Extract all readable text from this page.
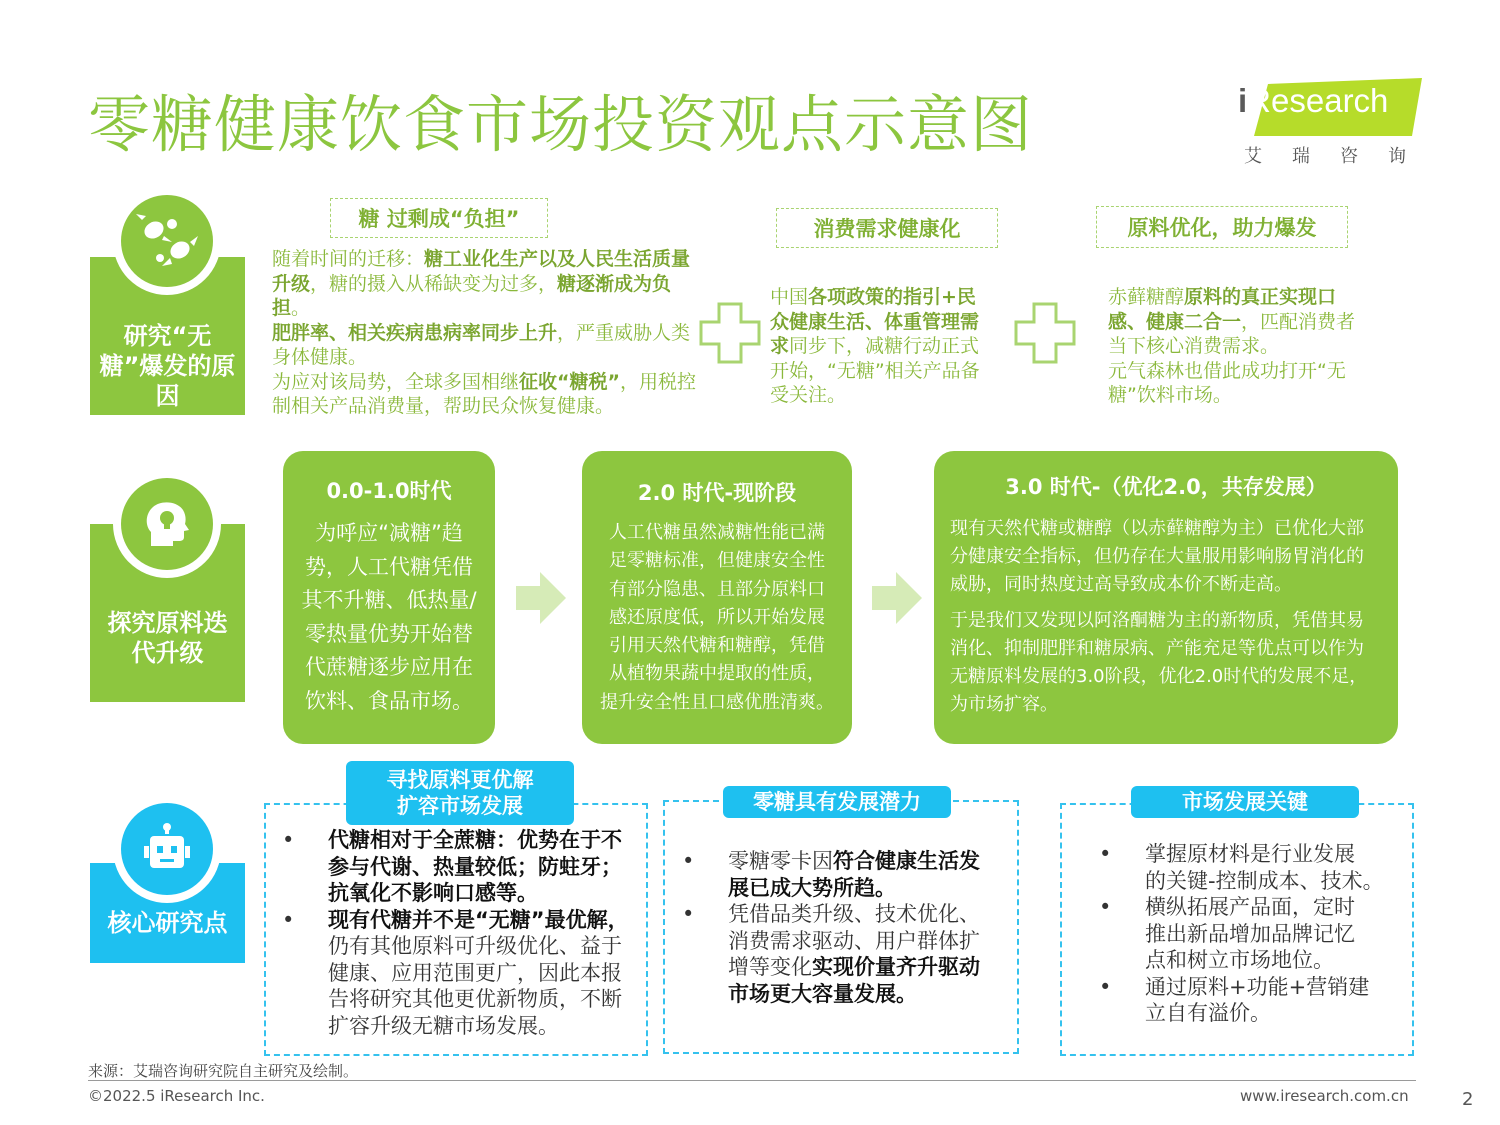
零糖健康饮食市场投资观点示意图	iResearch
艾瑞咨询
研究“无糖”爆发的原因
糖 过剩成“负担”
随着时间的迁移：糖工业化生产以及人民生活质量升级，糖的摄入从稀缺变为过多，糖逐渐成为负担。
肥胖率、相关疾病患病率同步上升，严重威胁人类身体健康。
为应对该局势，全球多国相继征收“糖税”，用税控制相关产品消费量，帮助民众恢复健康。
消费需求健康化
中国各项政策的指引+民众健康生活、体重管理需求同步下，减糖行动正式开始，“无糖”相关产品备受关注。
原料优化，助力爆发
赤藓糖醇原料的真正实现口感、健康二合一，匹配消费者当下核心消费需求。
元气森林也借此成功打开“无糖”饮料市场。
探究原料迭代升级
0.0-1.0时代
为呼应“减糖”趋
势，人工代糖凭借
其不升糖、低热量/
零热量优势开始替
代蔗糖逐步应用在
饮料、食品市场。
2.0 时代-现阶段
人工代糖虽然减糖性能已满
足零糖标准，但健康安全性
有部分隐患、且部分原料口
感还原度低，所以开始发展
引用天然代糖和糖醇，凭借
从植物果蔬中提取的性质，
提升安全性且口感优胜清爽。
3.0 时代-（优化2.0，共存发展）
现有天然代糖或糖醇（以赤藓糖醇为主）已优化大部
分健康安全指标，但仍存在大量服用影响肠胃消化的
威胁，同时热度过高导致成本价不断走高。
于是我们又发现以阿洛酮糖为主的新物质，凭借其易
消化、抑制肥胖和糖尿病、产能充足等优点可以作为
无糖原料发展的3.0阶段，优化2.0时代的发展不足，
为市场扩容。
核心研究点
• 代糖相对于全蔗糖：优势在于不
参与代谢、热量较低；防蛀牙；
抗氧化不影响口感等。
• 现有代糖并不是“无糖”最优解，
仍有其他原料可升级优化、益于
健康、应用范围更广，因此本报
告将研究其他更优新物质，不断
扩容升级无糖市场发展。
寻找原料更优解
扩容市场发展
• 零糖零卡因符合健康生活发
展已成大势所趋。
• 凭借品类升级、技术优化、
消费需求驱动、用户群体扩
增等变化实现价量齐升驱动
市场更大容量发展。
零糖具有发展潜力
• 掌握原材料是行业发展
的关键-控制成本、技术。
• 横纵拓展产品面，定时
推出新品增加品牌记忆
点和树立市场地位。
• 通过原料+功能+营销建
立自有溢价。
市场发展关键
来源：艾瑞咨询研究院自主研究及绘制。
©2022.5 iResearch Inc.	www.iresearch.com.cn	2
